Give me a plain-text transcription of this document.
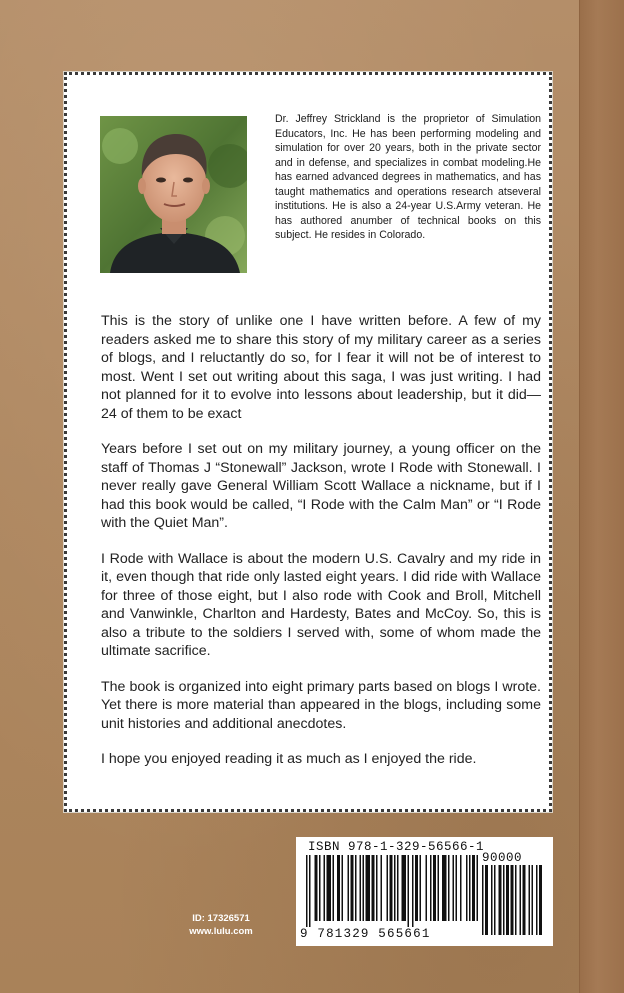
Dr. Jeffrey Strickland is the proprietor of Simulation Educators, Inc. He has been performing modeling and simulation for over 20 years, both in the private sector and in defense, and specializes in combat modeling.He has earned advanced degrees in mathematics, and has taught mathematics and operations research atseveral institutions. He is also a 24-year U.S.Army veteran. He has authored anumber of technical books on this subject. He resides in Colorado.

This is the story of unlike one I have written before. A few of my readers asked me to share this story of my military career as a series of blogs, and I reluctantly do so, for I fear it will not be of interest to most. Went I set out writing about this saga, I was just writing. I had not planned for it to evolve into lessons about leadership, but it did—24 of them to be exact

Years before I set out on my military journey, a young officer on the staff of Thomas J “Stonewall” Jackson, wrote I Rode with Stonewall. I never really gave General William Scott Wallace a nickname, but if I had this book would be called, “I Rode with the Calm Man” or “I Rode with the Quiet Man”.

I Rode with Wallace is about the modern U.S. Cavalry and my ride in it, even though that ride only lasted eight years. I did ride with Wallace for three of those eight, but I also rode with Cook and Broll, Mitchell and Vanwinkle, Charlton and Hardesty, Bates and McCoy. So, this is also a tribute to the soldiers I served with, some of whom made the ultimate sacrifice.

The book is organized into eight primary parts based on blogs I wrote. Yet there is more material than appeared in the blogs, including some unit histories and additional anecdotes.

I hope you enjoyed reading it as much as I enjoyed the ride.

ID: 17326571
www.lulu.com
ISBN 978-1-329-56566-1
90000
9 781329 565661
